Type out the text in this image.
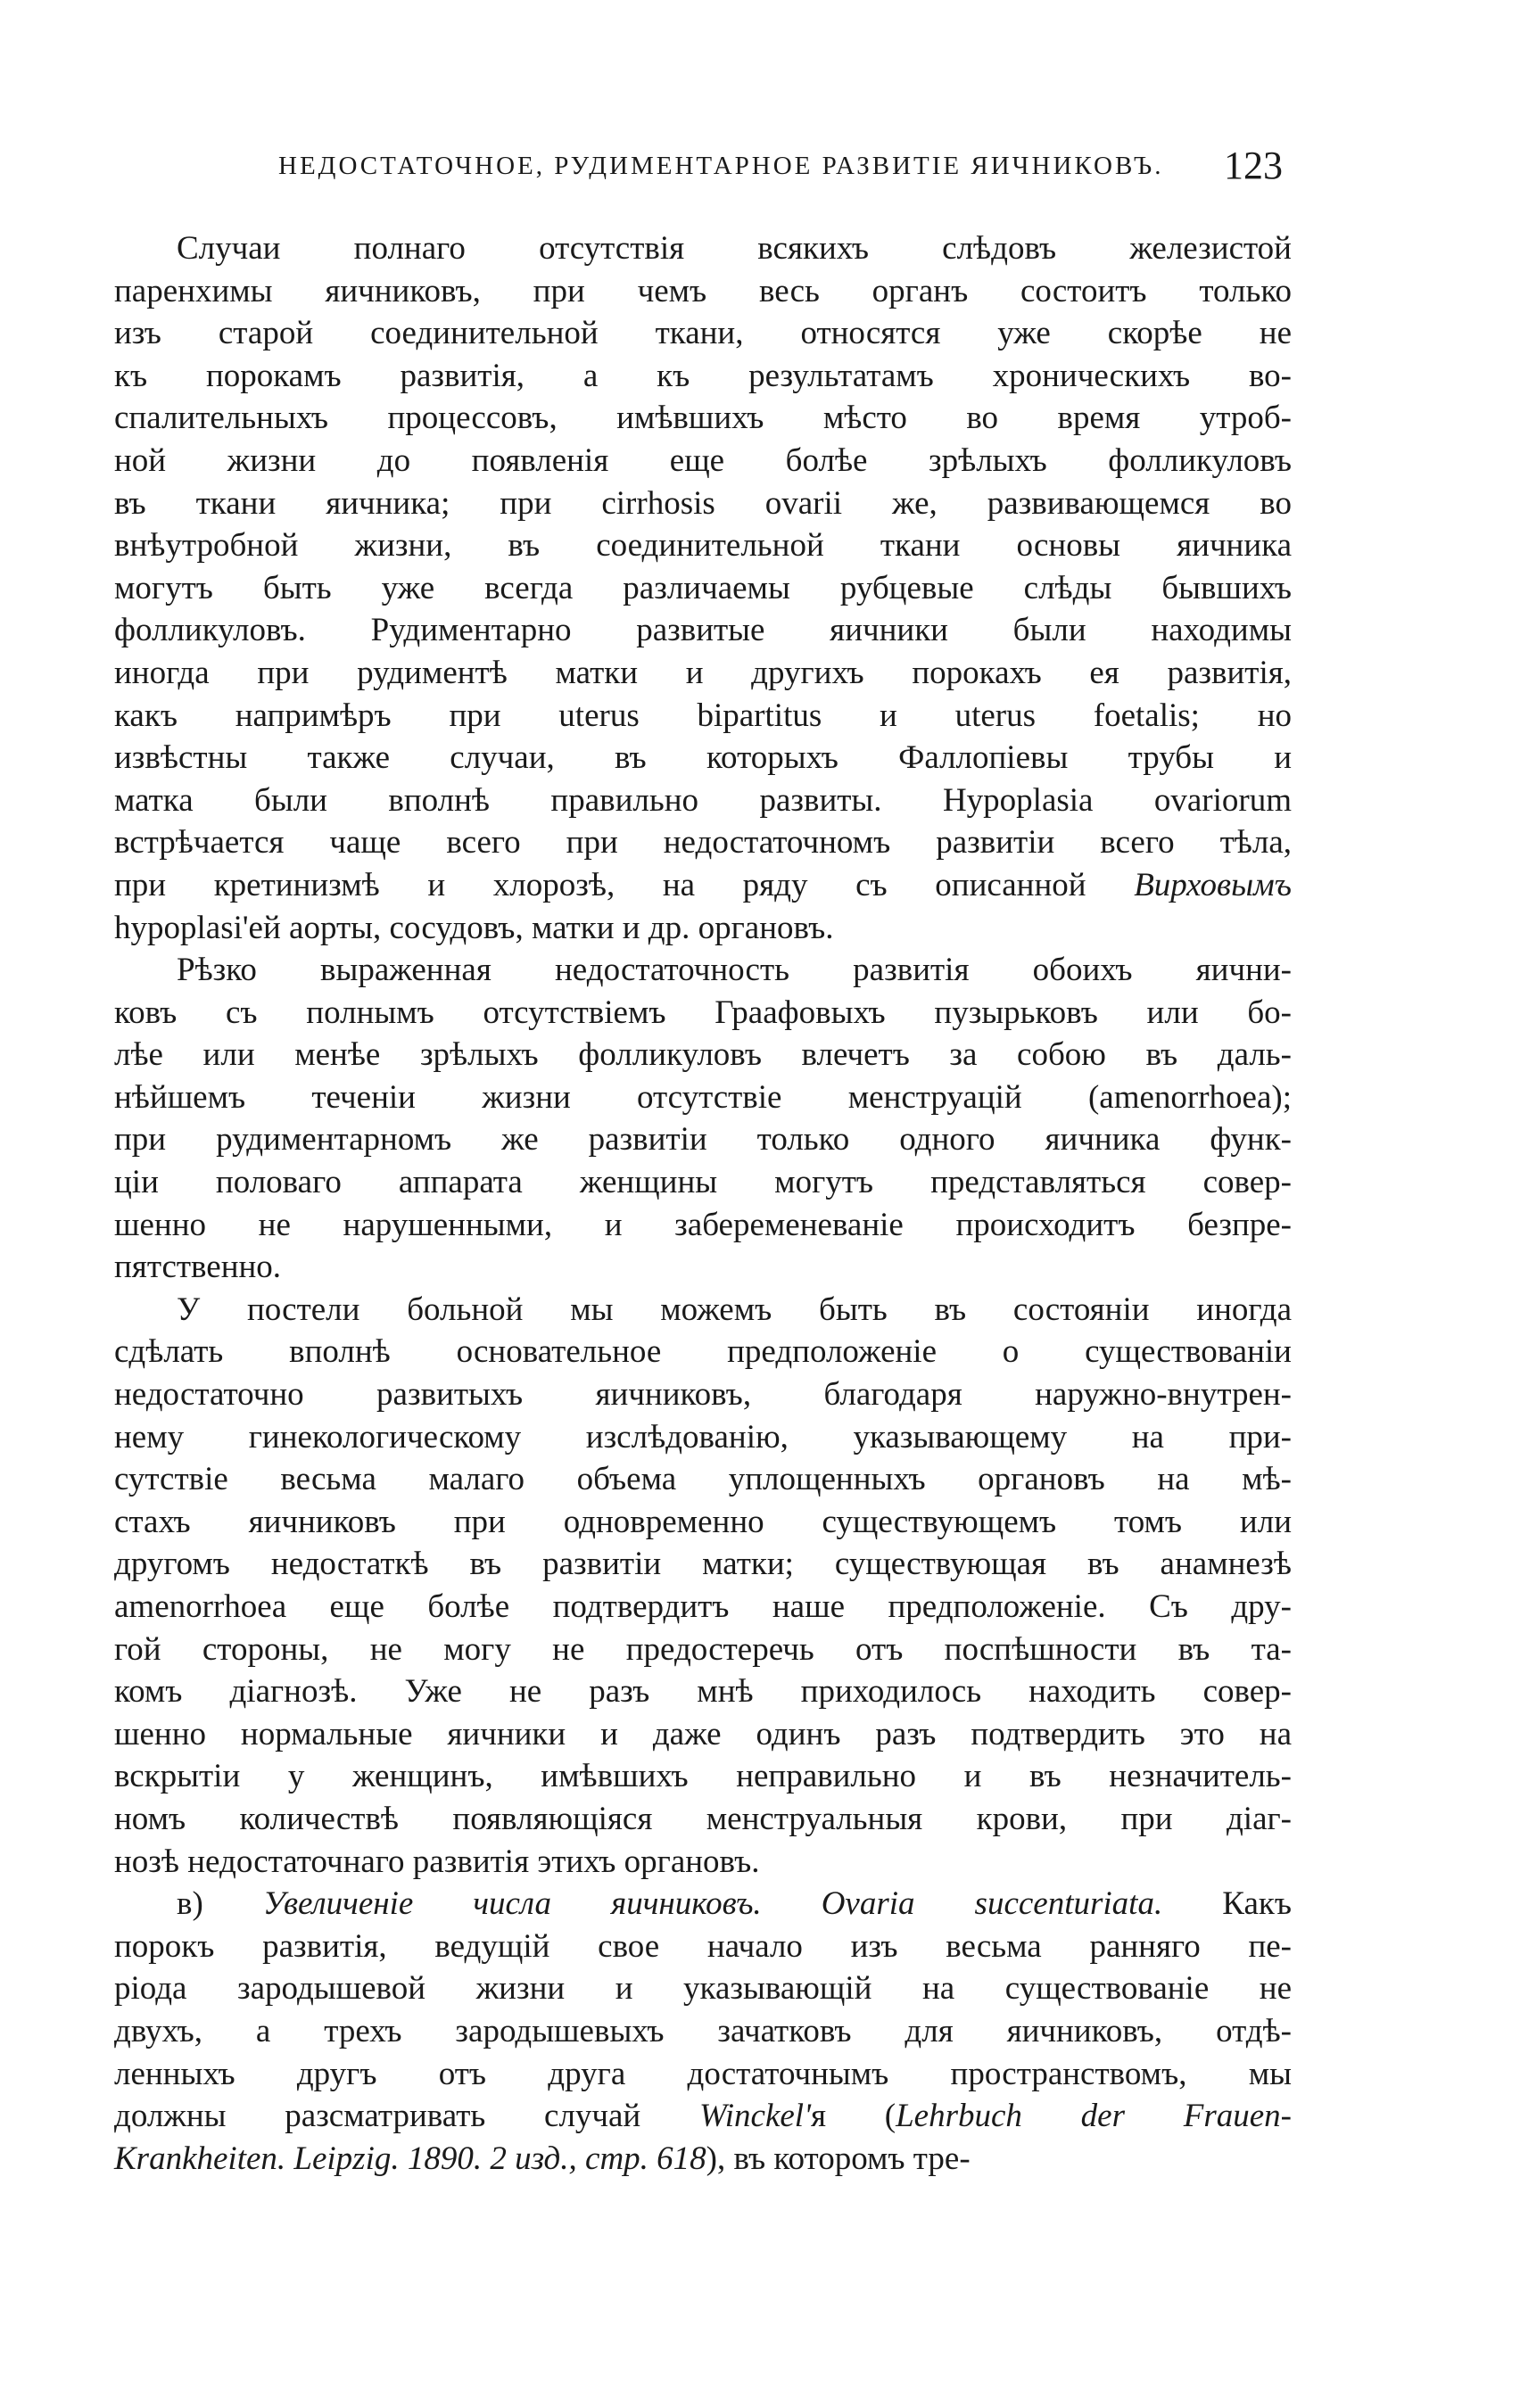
НЕДОСТАТОЧНОЕ, РУДИМЕНТАРНОЕ РАЗВИТІЕ ЯИЧНИКОВЪ.	123
Случаи полнаго отсутствія всякихъ слѣдовъ железистой
паренхимы яичниковъ, при чемъ весь органъ состоитъ только
изъ старой соединительной ткани, относятся уже скорѣе не
къ порокамъ развитія, а къ результатамъ хроническихъ во-
спалительныхъ процессовъ, имѣвшихъ мѣсто во время утроб-
ной жизни до появленія еще болѣе зрѣлыхъ фолликуловъ
въ ткани яичника; при cirrhosis ovarii же, развивающемся во
внѣутробной жизни, въ соединительной ткани основы яичника
могутъ быть уже всегда различаемы рубцевые слѣды бывшихъ
фолликуловъ. Рудиментарно развитые яичники были находимы
иногда при рудиментѣ матки и другихъ порокахъ ея развитія,
какъ напримѣръ при uterus bipartitus и uterus foetalis; но
извѣстны также случаи, въ которыхъ Фаллопіевы трубы и
матка были вполнѣ правильно развиты. Hypoplasia ovariorum
встрѣчается чаще всего при недостаточномъ развитіи всего тѣла,
при кретинизмѣ и хлорозѣ, на ряду съ описанной Вирховымъ
hypoplasi'ей аорты, сосудовъ, матки и др. органовъ.
Рѣзко выраженная недостаточность развитія обоихъ яични-
ковъ съ полнымъ отсутствіемъ Граафовыхъ пузырьковъ или бо-
лѣе или менѣе зрѣлыхъ фолликуловъ влечетъ за собою въ даль-
нѣйшемъ теченіи жизни отсутствіе менструацій (amenorrhoea);
при рудиментарномъ же развитіи только одного яичника функ-
ціи половаго аппарата женщины могутъ представляться совер-
шенно не нарушенными, и забеременеваніе происходитъ безпре-
пятственно.
У постели больной мы можемъ быть въ состояніи иногда
сдѣлать вполнѣ основательное предположеніе о существованіи
недостаточно развитыхъ яичниковъ, благодаря наружно-внутрен-
нему гинекологическому изслѣдованію, указывающему на при-
сутствіе весьма малаго объема уплощенныхъ органовъ на мѣ-
стахъ яичниковъ при одновременно существующемъ томъ или
другомъ недостаткѣ въ развитіи матки; существующая въ анамнезѣ
amenorrhoea еще болѣе подтвердитъ наше предположеніе. Съ дру-
гой стороны, не могу не предостеречь отъ поспѣшности въ та-
комъ діагнозѣ. Уже не разъ мнѣ приходилось находить совер-
шенно нормальные яичники и даже одинъ разъ подтвердить это на
вскрытіи у женщинъ, имѣвшихъ неправильно и въ незначитель-
номъ количествѣ появляющіяся менструальныя крови, при діаг-
нозѣ недостаточнаго развитія этихъ органовъ.
в) Увеличеніе числа яичниковъ. Ovaria succenturiata. Какъ
порокъ развитія, ведущій свое начало изъ весьма ранняго пе-
ріода зародышевой жизни и указывающій на существованіе не
двухъ, а трехъ зародышевыхъ зачатковъ для яичниковъ, отдѣ-
ленныхъ другъ отъ друга достаточнымъ пространствомъ, мы
должны разсматривать случай Winckel'я (Lehrbuch der Frauen-
Krankheiten. Leipzig. 1890. 2 изд., стр. 618), въ которомъ тре-
